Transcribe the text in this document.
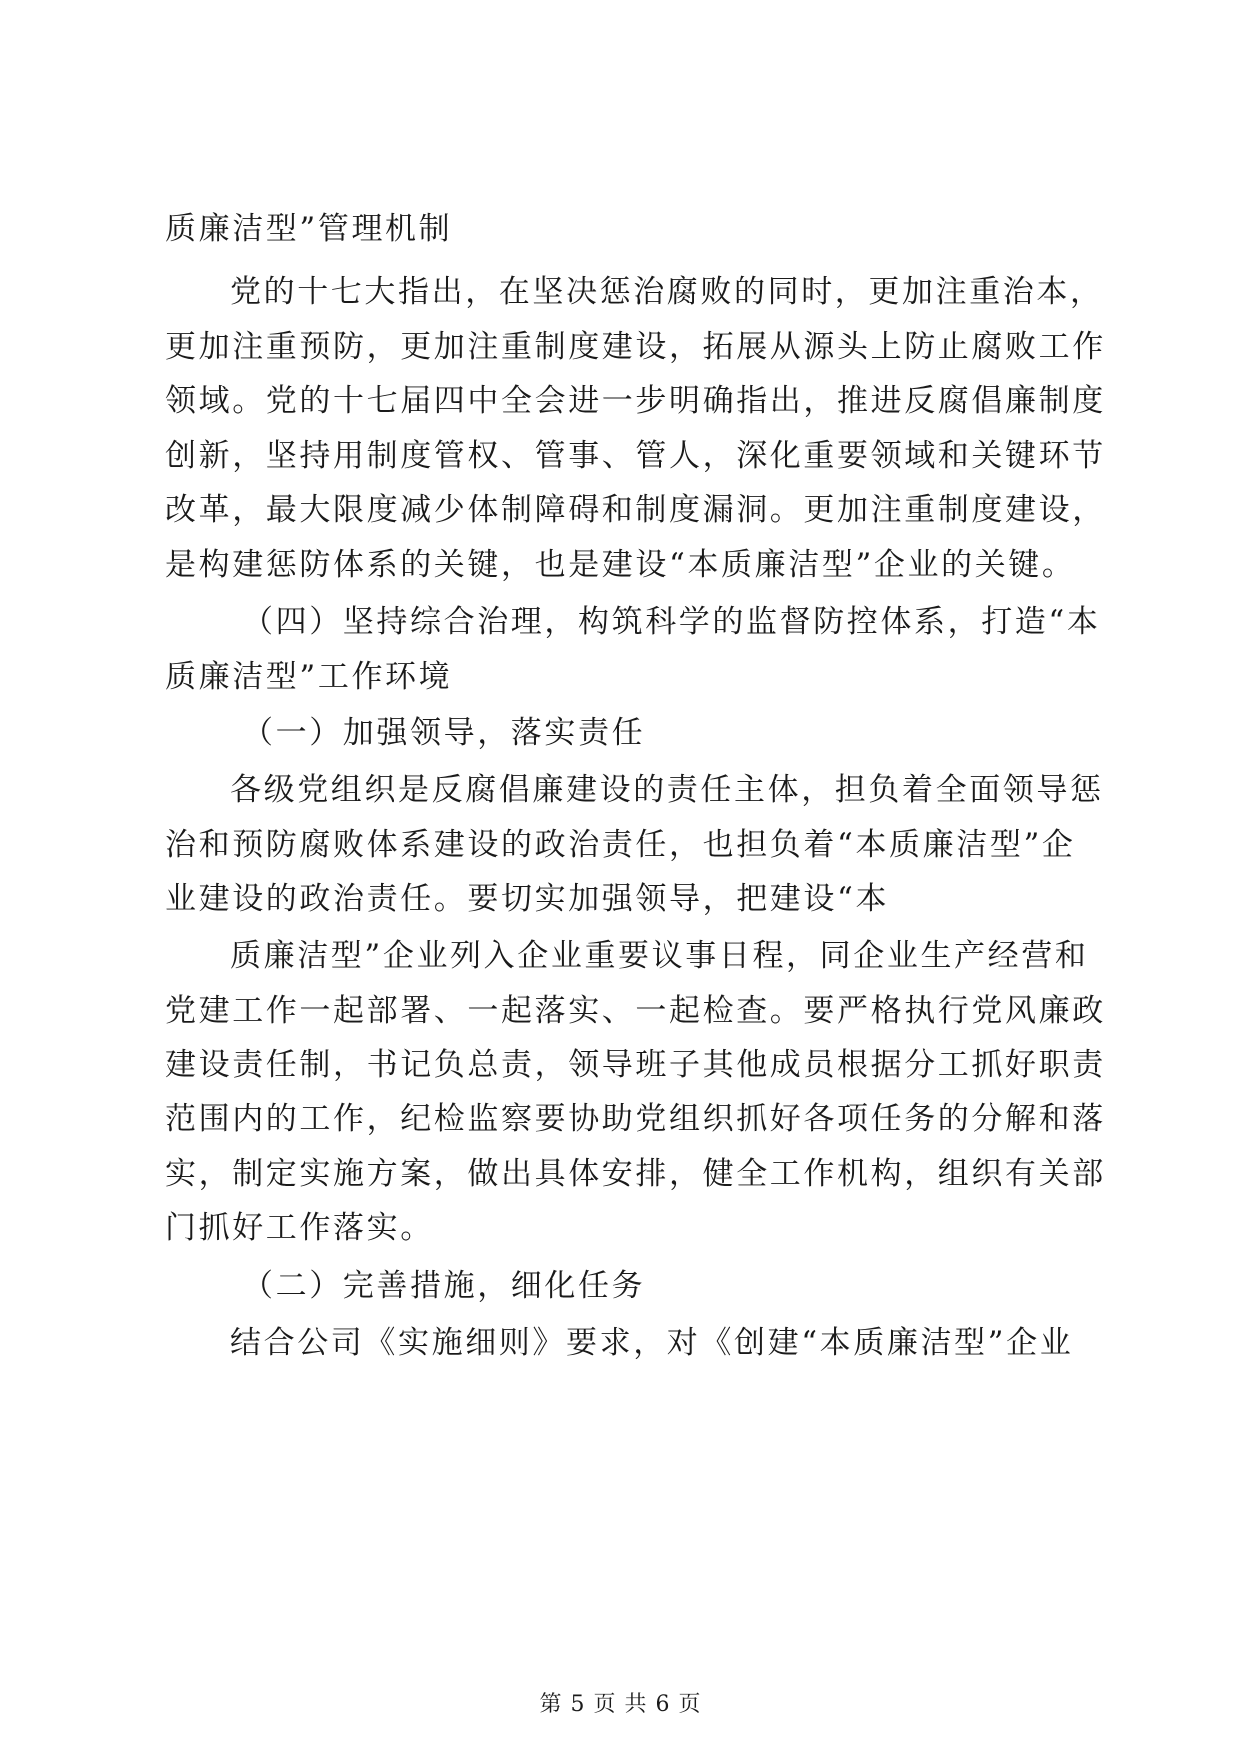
质廉洁型”管理机制
党的十七大指出，在坚决惩治腐败的同时，更加注重治本，
更加注重预防，更加注重制度建设，拓展从源头上防止腐败工作
领域。党的十七届四中全会进一步明确指出，推进反腐倡廉制度
创新，坚持用制度管权、管事、管人，深化重要领域和关键环节
改革，最大限度减少体制障碍和制度漏洞。更加注重制度建设，
是构建惩防体系的关键，也是建设“本质廉洁型”企业的关键。
（四）坚持综合治理，构筑科学的监督防控体系，打造“本
质廉洁型”工作环境
（一）加强领导，落实责任
各级党组织是反腐倡廉建设的责任主体，担负着全面领导惩
治和预防腐败体系建设的政治责任，也担负着“本质廉洁型”企
业建设的政治责任。要切实加强领导，把建设“本
质廉洁型”企业列入企业重要议事日程，同企业生产经营和
党建工作一起部署、一起落实、一起检查。要严格执行党风廉政
建设责任制，书记负总责，领导班子其他成员根据分工抓好职责
范围内的工作，纪检监察要协助党组织抓好各项任务的分解和落
实，制定实施方案，做出具体安排，健全工作机构，组织有关部
门抓好工作落实。
（二）完善措施，细化任务
结合公司《实施细则》要求，对《创建“本质廉洁型”企业
第 5 页 共 6 页
